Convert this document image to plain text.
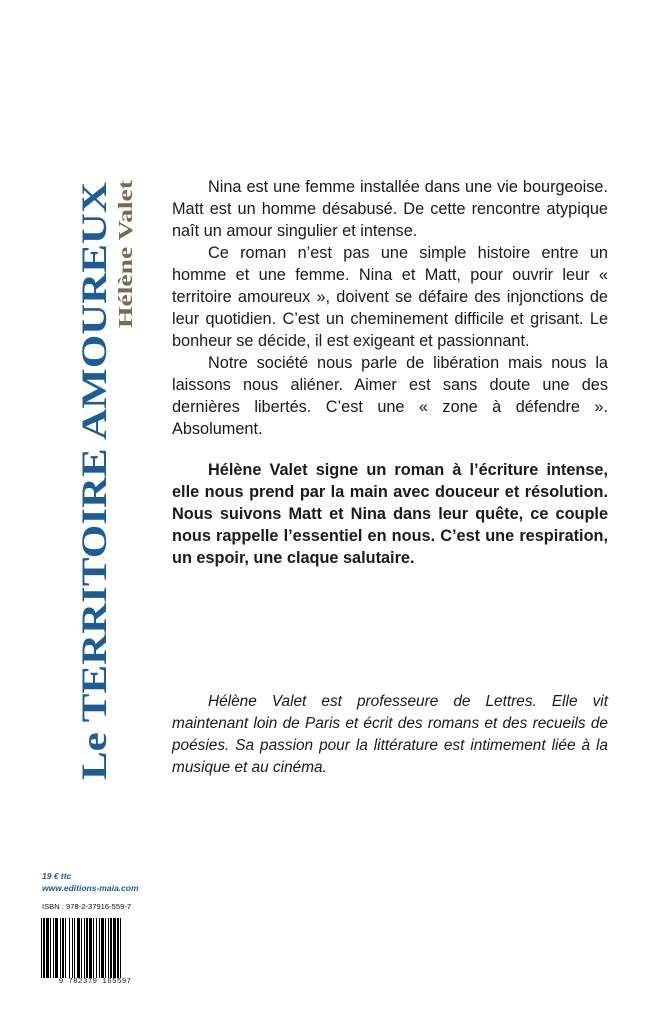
Le TERRITOIRE AMOUREUX
Hélène Valet

Nina est une femme installée dans une vie bourgeoise. Matt est un homme désabusé. De cette rencontre atypique naît un amour singulier et intense.

Ce roman n’est pas une simple histoire entre un homme et une femme. Nina et Matt, pour ouvrir leur « territoire amoureux », doivent se défaire des injonctions de leur quotidien. C’est un cheminement difficile et grisant. Le bonheur se décide, il est exigeant et passionnant.

Notre société nous parle de libération mais nous la laissons nous aliéner. Aimer est sans doute une des dernières libertés. C’est une « zone à défendre ». Absolument.

Hélène Valet signe un roman à l’écriture intense, elle nous prend par la main avec douceur et résolution. Nous suivons Matt et Nina dans leur quête, ce couple nous rappelle l’essentiel en nous. C’est une respiration, un espoir, une claque salutaire.

Hélène Valet est professeure de Lettres. Elle vit maintenant loin de Paris et écrit des romans et des recueils de poésies. Sa passion pour la littérature est intimement liée à la musique et au cinéma.

19 € ttc
www.editions-maia.com
ISBN : 978-2-37916-559-7
9 782379 165597
